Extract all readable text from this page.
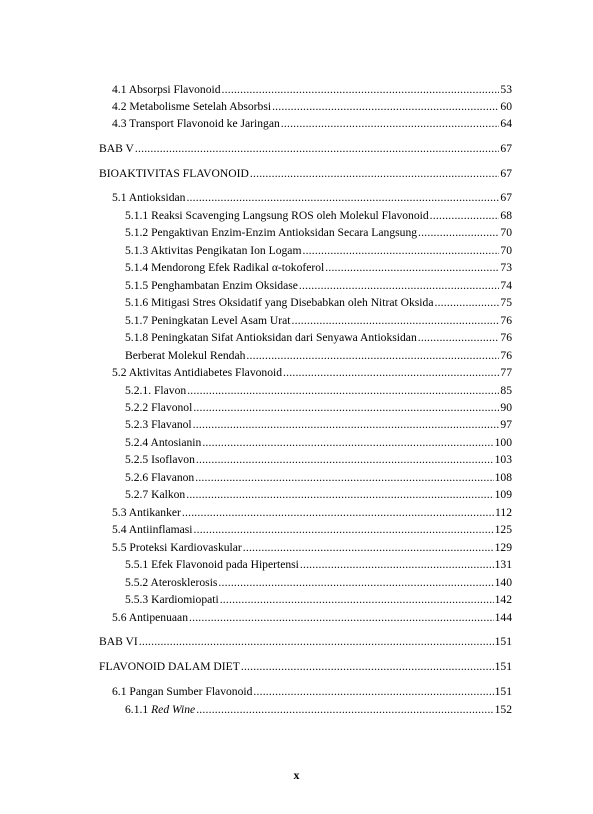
4.1 Absorpsi Flavonoid .....	53
4.2 Metabolisme Setelah Absorbsi .....	60
4.3 Transport Flavonoid ke Jaringan .....	64
BAB V .....	67
BIOAKTIVITAS FLAVONOID .....	67
5.1 Antioksidan .....	67
5.1.1 Reaksi Scavenging Langsung ROS oleh Molekul Flavonoid .....	68
5.1.2 Pengaktivan Enzim-Enzim Antioksidan Secara Langsung .....	70
5.1.3 Aktivitas Pengikatan Ion Logam .....	70
5.1.4 Mendorong Efek Radikal α-tokoferol .....	73
5.1.5 Penghambatan Enzim Oksidase .....	74
5.1.6 Mitigasi Stres Oksidatif yang Disebabkan oleh Nitrat Oksida .....	75
5.1.7 Peningkatan Level Asam Urat .....	76
5.1.8 Peningkatan Sifat Antioksidan dari Senyawa Antioksidan .....	76
Berberat Molekul Rendah .....	76
5.2 Aktivitas Antidiabetes Flavonoid .....	77
5.2.1. Flavon .....	85
5.2.2 Flavonol .....	90
5.2.3 Flavanol .....	97
5.2.4 Antosianin .....	100
5.2.5 Isoflavon .....	103
5.2.6 Flavanon .....	108
5.2.7 Kalkon .....	109
5.3 Antikanker .....	112
5.4 Antiinflamasi .....	125
5.5 Proteksi Kardiovaskular .....	129
5.5.1 Efek Flavonoid pada Hipertensi .....	131
5.5.2 Aterosklerosis .....	140
5.5.3 Kardiomiopati .....	142
5.6 Antipenuaan .....	144
BAB VI .....	151
FLAVONOID DALAM DIET .....	151
6.1 Pangan Sumber Flavonoid .....	151
6.1.1 Red Wine .....	152
x
